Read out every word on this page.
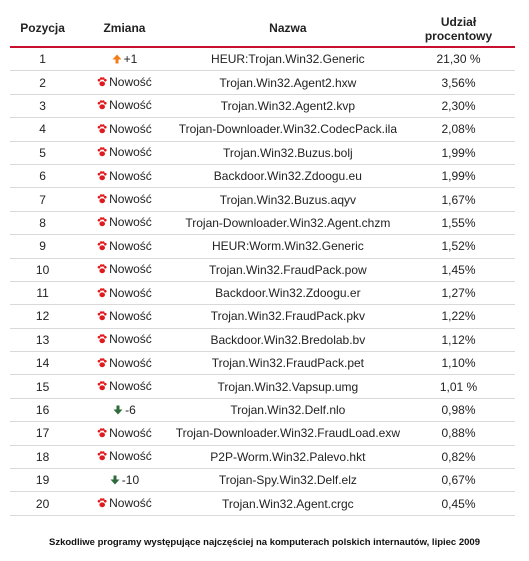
Pozycja	Zmiana	Nazwa	Udział
procentowy
1	+1	HEUR:Trojan.Win32.Generic	21,30 %
2	Nowość	Trojan.Win32.Agent2.hxw	3,56%
3	Nowość	Trojan.Win32.Agent2.kvp	2,30%
4	Nowość	Trojan-Downloader.Win32.CodecPack.ila	2,08%
5	Nowość	Trojan.Win32.Buzus.bolj	1,99%
6	Nowość	Backdoor.Win32.Zdoogu.eu	1,99%
7	Nowość	Trojan.Win32.Buzus.aqyv	1,67%
8	Nowość	Trojan-Downloader.Win32.Agent.chzm	1,55%
9	Nowość	HEUR:Worm.Win32.Generic	1,52%
10	Nowość	Trojan.Win32.FraudPack.pow	1,45%
11	Nowość	Backdoor.Win32.Zdoogu.er	1,27%
12	Nowość	Trojan.Win32.FraudPack.pkv	1,22%
13	Nowość	Backdoor.Win32.Bredolab.bv	1,12%
14	Nowość	Trojan.Win32.FraudPack.pet	1,10%
15	Nowość	Trojan.Win32.Vapsup.umg	1,01 %
16	-6	Trojan.Win32.Delf.nlo	0,98%
17	Nowość	Trojan-Downloader.Win32.FraudLoad.exw	0,88%
18	Nowość	P2P-Worm.Win32.Palevo.hkt	0,82%
19	-10	Trojan-Spy.Win32.Delf.elz	0,67%
20	Nowość	Trojan.Win32.Agent.crgc	0,45%
Szkodliwe programy występujące najczęściej na komputerach polskich internautów, lipiec 2009
